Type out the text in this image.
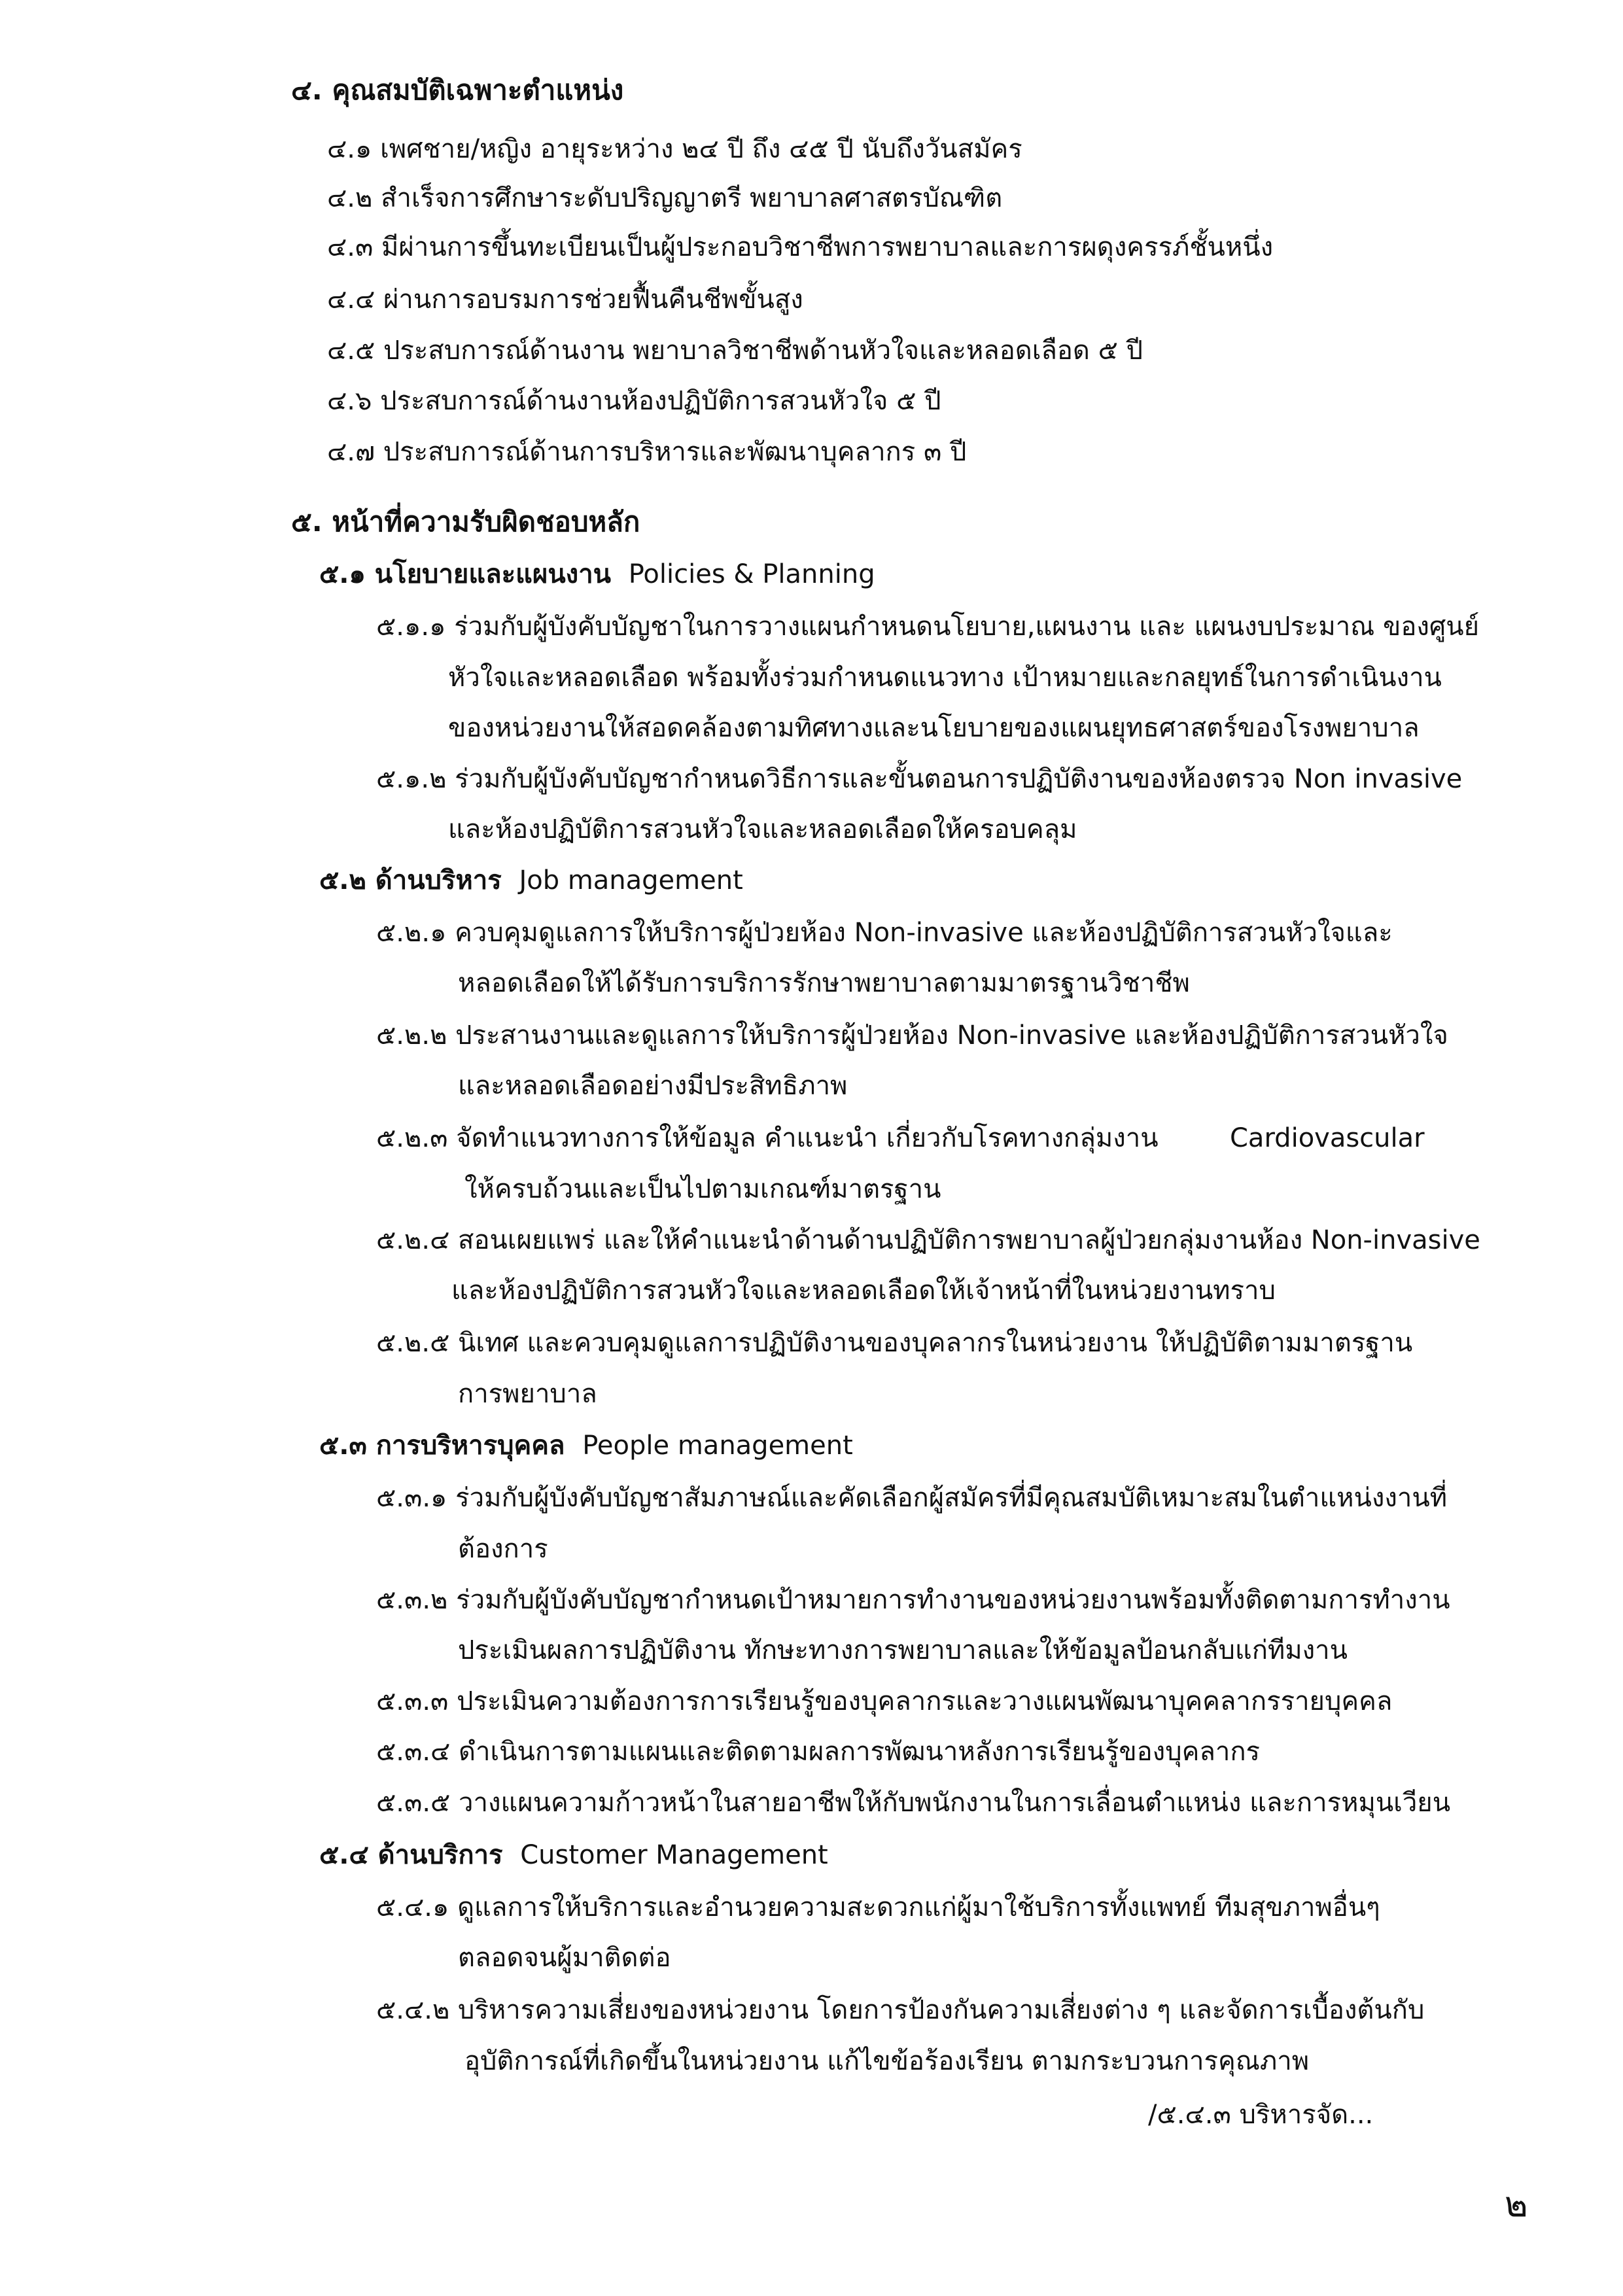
๔. คุณสมบัติเฉพาะตำแหน่ง
๔.๑ เพศชาย/หญิง อายุระหว่าง ๒๔ ปี ถึง ๔๕ ปี นับถึงวันสมัคร
๔.๒ สำเร็จการศึกษาระดับปริญญาตรี พยาบาลศาสตรบัณฑิต
๔.๓ มีผ่านการขึ้นทะเบียนเป็นผู้ประกอบวิชาชีพการพยาบาลและการผดุงครรภ์ชั้นหนึ่ง
๔.๔ ผ่านการอบรมการช่วยฟื้นคืนชีพขั้นสูง
๔.๕ ประสบการณ์ด้านงาน พยาบาลวิชาชีพด้านหัวใจและหลอดเลือด ๕ ปี
๔.๖ ประสบการณ์ด้านงานห้องปฏิบัติการสวนหัวใจ ๕ ปี
๔.๗ ประสบการณ์ด้านการบริหารและพัฒนาบุคลากร ๓ ปี
๕. หน้าที่ความรับผิดชอบหลัก
๕.๑ นโยบายและแผนงาน Policies & Planning
๕.๑.๑ ร่วมกับผู้บังคับบัญชาในการวางแผนกำหนดนโยบาย,แผนงาน และ แผนงบประมาณ ของศูนย์
หัวใจและหลอดเลือด พร้อมทั้งร่วมกำหนดแนวทาง เป้าหมายและกลยุทธ์ในการดำเนินงาน
ของหน่วยงานให้สอดคล้องตามทิศทางและนโยบายของแผนยุทธศาสตร์ของโรงพยาบาล
๕.๑.๒ ร่วมกับผู้บังคับบัญชากำหนดวิธีการและขั้นตอนการปฏิบัติงานของห้องตรวจ Non invasive
และห้องปฏิบัติการสวนหัวใจและหลอดเลือดให้ครอบคลุม
๕.๒ ด้านบริหาร Job management
๕.๒.๑ ควบคุมดูแลการให้บริการผู้ป่วยห้อง Non-invasive และห้องปฏิบัติการสวนหัวใจและ
หลอดเลือดให้ได้รับการบริการรักษาพยาบาลตามมาตรฐานวิชาชีพ
๕.๒.๒ ประสานงานและดูแลการให้บริการผู้ป่วยห้อง Non-invasive และห้องปฏิบัติการสวนหัวใจ
และหลอดเลือดอย่างมีประสิทธิภาพ
๕.๒.๓ จัดทำแนวทางการให้ข้อมูล คำแนะนำ เกี่ยวกับโรคทางกลุ่มงาน	Cardiovascular
ให้ครบถ้วนและเป็นไปตามเกณฑ์มาตรฐาน
๕.๒.๔ สอนเผยแพร่ และให้คำแนะนำด้านด้านปฏิบัติการพยาบาลผู้ป่วยกลุ่มงานห้อง Non-invasive
และห้องปฏิบัติการสวนหัวใจและหลอดเลือดให้เจ้าหน้าที่ในหน่วยงานทราบ
๕.๒.๕ นิเทศ และควบคุมดูแลการปฏิบัติงานของบุคลากรในหน่วยงาน ให้ปฏิบัติตามมาตรฐาน
การพยาบาล
๕.๓ การบริหารบุคคล People management
๕.๓.๑ ร่วมกับผู้บังคับบัญชาสัมภาษณ์และคัดเลือกผู้สมัครที่มีคุณสมบัติเหมาะสมในตำแหน่งงานที่
ต้องการ
๕.๓.๒ ร่วมกับผู้บังคับบัญชากำหนดเป้าหมายการทำงานของหน่วยงานพร้อมทั้งติดตามการทำงาน
ประเมินผลการปฏิบัติงาน ทักษะทางการพยาบาลและให้ข้อมูลป้อนกลับแก่ทีมงาน
๕.๓.๓ ประเมินความต้องการการเรียนรู้ของบุคลากรและวางแผนพัฒนาบุคคลากรรายบุคคล
๕.๓.๔ ดำเนินการตามแผนและติดตามผลการพัฒนาหลังการเรียนรู้ของบุคลากร
๕.๓.๕ วางแผนความก้าวหน้าในสายอาชีพให้กับพนักงานในการเลื่อนตำแหน่ง และการหมุนเวียน
๕.๔ ด้านบริการ Customer Management
๕.๔.๑ ดูแลการให้บริการและอำนวยความสะดวกแก่ผู้มาใช้บริการทั้งแพทย์ ทีมสุขภาพอื่นๆ
ตลอดจนผู้มาติดต่อ
๕.๔.๒ บริหารความเสี่ยงของหน่วยงาน โดยการป้องกันความเสี่ยงต่าง ๆ และจัดการเบื้องต้นกับ
อุบัติการณ์ที่เกิดขึ้นในหน่วยงาน แก้ไขข้อร้องเรียน ตามกระบวนการคุณภาพ
/๕.๔.๓ บริหารจัด...
๒
